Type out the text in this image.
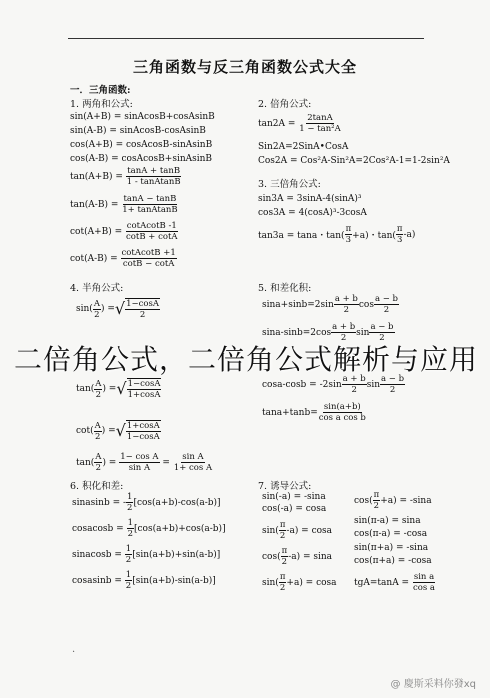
三角函数与反三角函数公式大全
一．三角函数:
1. 两角和公式:
sin(A+B) = sinAcosB+cosAsinB
sin(A-B) = sinAcosB-cosAsinB
cos(A+B) = cosAcosB-sinAsinB
cos(A-B) = cosAcosB+sinAsinB
$\tan(A+B) = \frac{\tan A + \tan B}{\text{1 - tanAtanB}}$
$\tan(A-B) = \frac{\tan A - \tan B}{\text{1+ tanAtanB}}$
$\cot(A+B) = \frac{\text{cotAcotB -1}}{\cot B + \cot A}$
$\cot(A-B) = \frac{\text{cotAcotB +1}}{\cot B - \cot A}$
2. 倍角公式:
$\tan 2A = \frac{2\tan A}{\text{1 − tan²A}}$
Sin2A=2SinA•CosA
Cos2A = Cos²A-Sin²A=2Cos²A-1=1-2sin²A
3. 三倍角公式:
sin3A = 3sinA-4(sinA)³
cos3A = 4(cosA)³-3cosA
tan3a = tana・$\tan( \frac{\pi}{3} +a)$・$\tan( \frac{\pi}{3} -a)$
4. 半角公式:
$\sin( \frac{A}{2}$ ) = √ $\frac{1-\cos A}{2}$
$\tan( \frac{A}{2}$ ) = √ $\frac{1-\cos A}{1+\cos A}$
$\cot( \frac{A}{2}$ ) = √ $\frac{1+\cos A}{1-\cos A}$
$\tan( \frac{A}{2}$ ) = $\frac{\text{1− cos A}}{\text{sin A}} = \frac{\text{sin A}}{\text{1+ cos A}}$
5. 和差化积:
$\sin a+\sin b=2\sin \frac{a + b}{2}$ $\cos \frac{a - b}{2}$
$\sin a-\sin b=2\cos \frac{a + b}{2}$ $\sin \frac{a - b}{2}$
$\cos a-\cos b = -2\sin \frac{a + b}{2}$ $\sin \frac{a - b}{2}$
$\tan a+\tan b= \frac{\sin(a+b)}{\text{cos a cos b}}$
6. 积化和差:
sinasinb = - $\frac{1}{2} [\cos(a+b)-\cos(a-b)]$
cosacosb = $\frac{1}{2} [\cos(a+b)+\cos(a-b)]$
sinacosb = $\frac{1}{2} [\sin(a+b)+\sin(a-b)]$
cosasinb = $\frac{1}{2} [\sin(a+b)-\sin(a-b)]$
7. 诱导公式:
sin(-a) = -sina
cos(-a) = cosa
$\sin( \frac{\pi}{2} -a) = \cos a$
$\cos( \frac{\pi}{2} -a) = \sin a$
$\sin( \frac{\pi}{2} +a) = \cos a$
$\cos( \frac{\pi}{2} +a) = -\sin a$
sin(π-a) = sina
cos(π-a) = -cosa
sin(π+a) = -sina
cos(π+a) = -cosa
$tgA=\tan A = \frac{\text{sin a}}{\text{cos a}}$
·
二倍角公式，二倍角公式解析与应用
@ 慶斯采料你發xq
